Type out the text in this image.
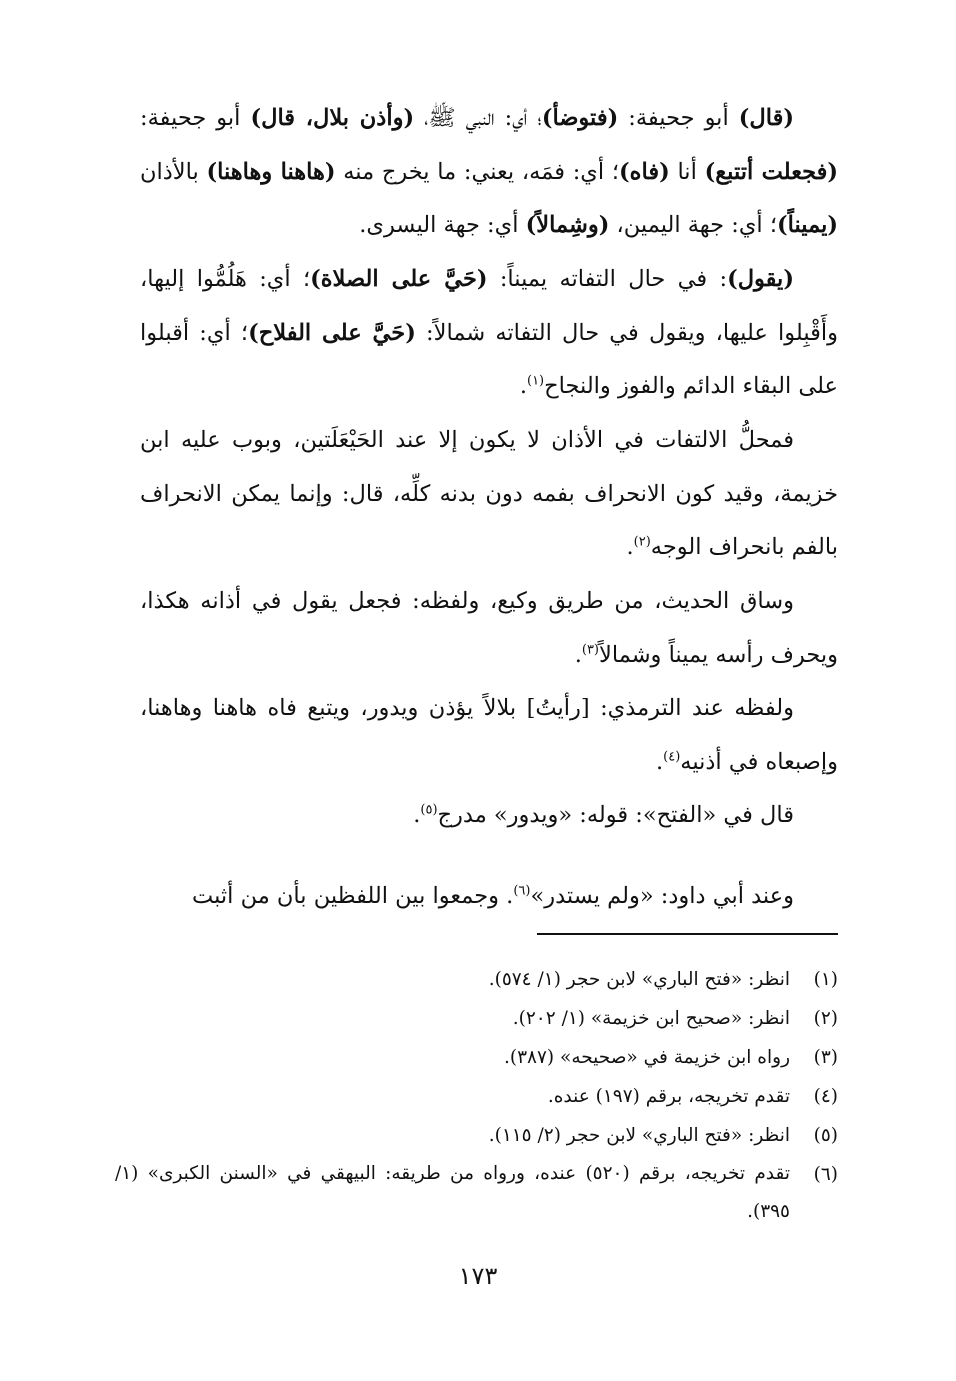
(قال) أبو جحيفة: (فتوضأ)؛ أي: النبي ﷺ، (وأذن بلال، قال) أبو جحيفة: (فجعلت أتتبع) أنا (فاه)؛ أي: فمَه، يعني: ما يخرج منه (هاهنا وهاهنا) بالأذان (يميناً)؛ أي: جهة اليمين، (وشِمالاً) أي: جهة اليسرى.

(يقول): في حال التفاته يميناً: (حَيَّ على الصلاة)؛ أي: هَلُمُّوا إليها، وأَقْبِلوا عليها، ويقول في حال التفاته شمالاً: (حَيَّ على الفلاح)؛ أي: أقبلوا على البقاء الدائم والفوز والنجاح$^{(١)}$.

فمحلُّ الالتفات في الأذان لا يكون إلا عند الحَيْعَلَتين، وبوب عليه ابن خزيمة، وقيد كون الانحراف بفمه دون بدنه كلِّه، قال: وإنما يمكن الانحراف بالفم بانحراف الوجه$^{(٢)}$.

وساق الحديث، من طريق وكيع، ولفظه: فجعل يقول في أذانه هكذا، ويحرف رأسه يميناً وشمالاً$^{(٣)}$.

ولفظه عند الترمذي: [رأيتُ] بلالاً يؤذن ويدور، ويتبع فاه هاهنا وهاهنا، وإصبعاه في أذنيه$^{(٤)}$.

قال في «الفتح»: قوله: «ويدور» مدرج$^{(٥)}$.

وعند أبي داود: «ولم يستدر»$^{(٦)}$. وجمعوا بين اللفظين بأن من أثبت

(١)
انظر: «فتح الباري» لابن حجر (١/ ٥٧٤).
(٢)
انظر: «صحيح ابن خزيمة» (١/ ٢٠٢).
(٣)
رواه ابن خزيمة في «صحيحه» (٣٨٧).
(٤)
تقدم تخريجه، برقم (١٩٧) عنده.
(٥)
انظر: «فتح الباري» لابن حجر (٢/ ١١٥).
(٦)
تقدم تخريجه، برقم (٥٢٠) عنده، ورواه من طريقه: البيهقي في «السنن الكبرى» (١/ ٣٩٥).
١٧٣
